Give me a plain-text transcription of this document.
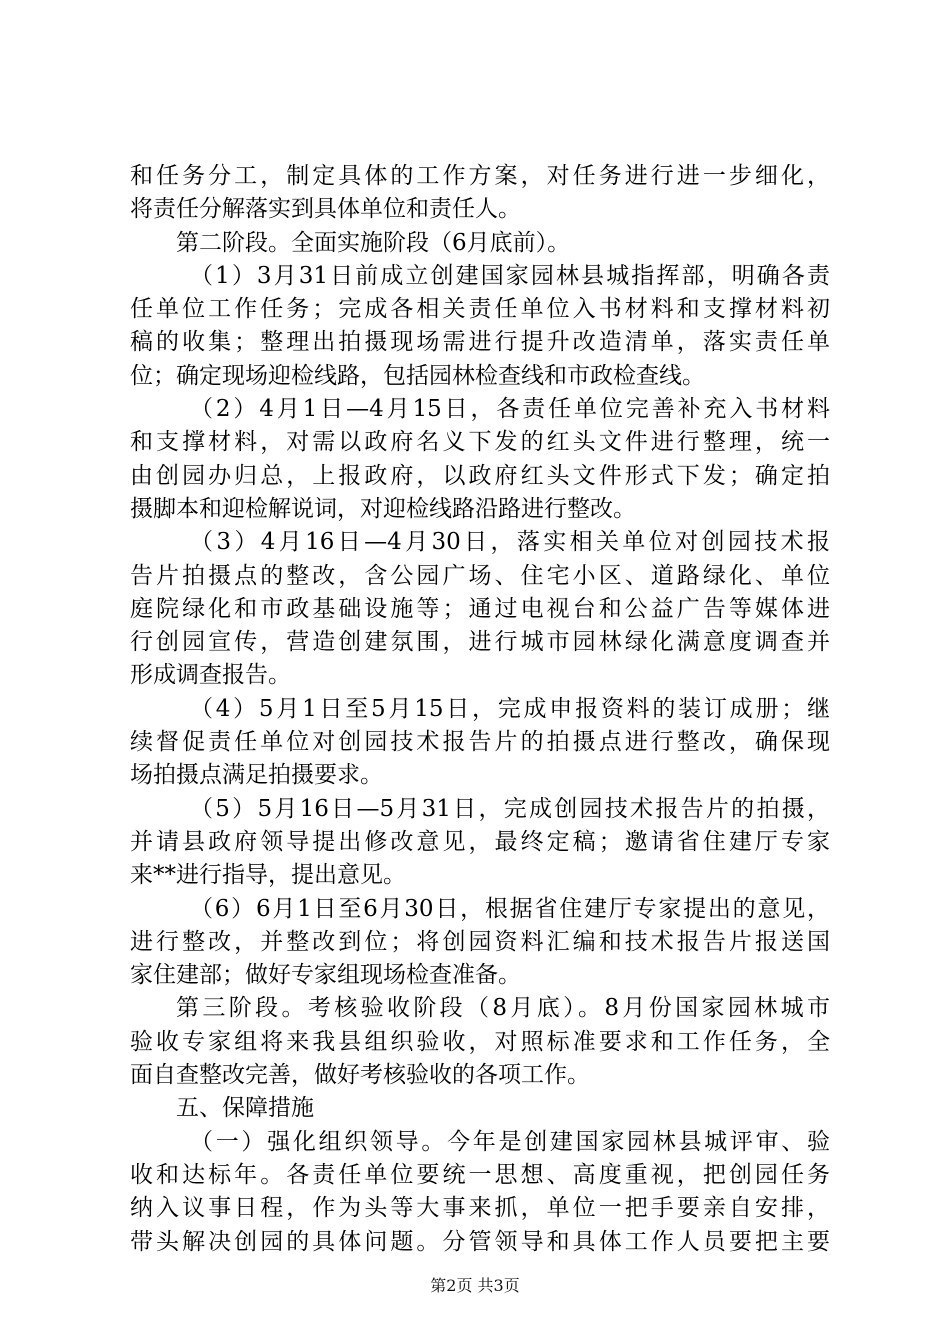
和任务分工，制定具体的工作方案，对任务进行进一步细化，
将责任分解落实到具体单位和责任人。
第二阶段。全面实施阶段（6月底前）。
（1）3月31日前成立创建国家园林县城指挥部，明确各责
任单位工作任务；完成各相关责任单位入书材料和支撑材料初
稿的收集；整理出拍摄现场需进行提升改造清单，落实责任单
位；确定现场迎检线路，包括园林检查线和市政检查线。
（2）4月1日—4月15日，各责任单位完善补充入书材料
和支撑材料，对需以政府名义下发的红头文件进行整理，统一
由创园办归总，上报政府，以政府红头文件形式下发；确定拍
摄脚本和迎检解说词，对迎检线路沿路进行整改。
（3）4月16日—4月30日，落实相关单位对创园技术报
告片拍摄点的整改，含公园广场、住宅小区、道路绿化、单位
庭院绿化和市政基础设施等；通过电视台和公益广告等媒体进
行创园宣传，营造创建氛围，进行城市园林绿化满意度调查并
形成调查报告。
（4）5月1日至5月15日，完成申报资料的装订成册；继
续督促责任单位对创园技术报告片的拍摄点进行整改，确保现
场拍摄点满足拍摄要求。
（5）5月16日—5月31日，完成创园技术报告片的拍摄，
并请县政府领导提出修改意见，最终定稿；邀请省住建厅专家
来**进行指导，提出意见。
（6）6月1日至6月30日，根据省住建厅专家提出的意见，
进行整改，并整改到位；将创园资料汇编和技术报告片报送国
家住建部；做好专家组现场检查准备。
第三阶段。考核验收阶段（8月底）。8月份国家园林城市
验收专家组将来我县组织验收，对照标准要求和工作任务，全
面自查整改完善，做好考核验收的各项工作。
五、保障措施
（一）强化组织领导。今年是创建国家园林县城评审、验
收和达标年。各责任单位要统一思想、高度重视，把创园任务
纳入议事日程，作为头等大事来抓，单位一把手要亲自安排，
带头解决创园的具体问题。分管领导和具体工作人员要把主要
第2页 共3页
